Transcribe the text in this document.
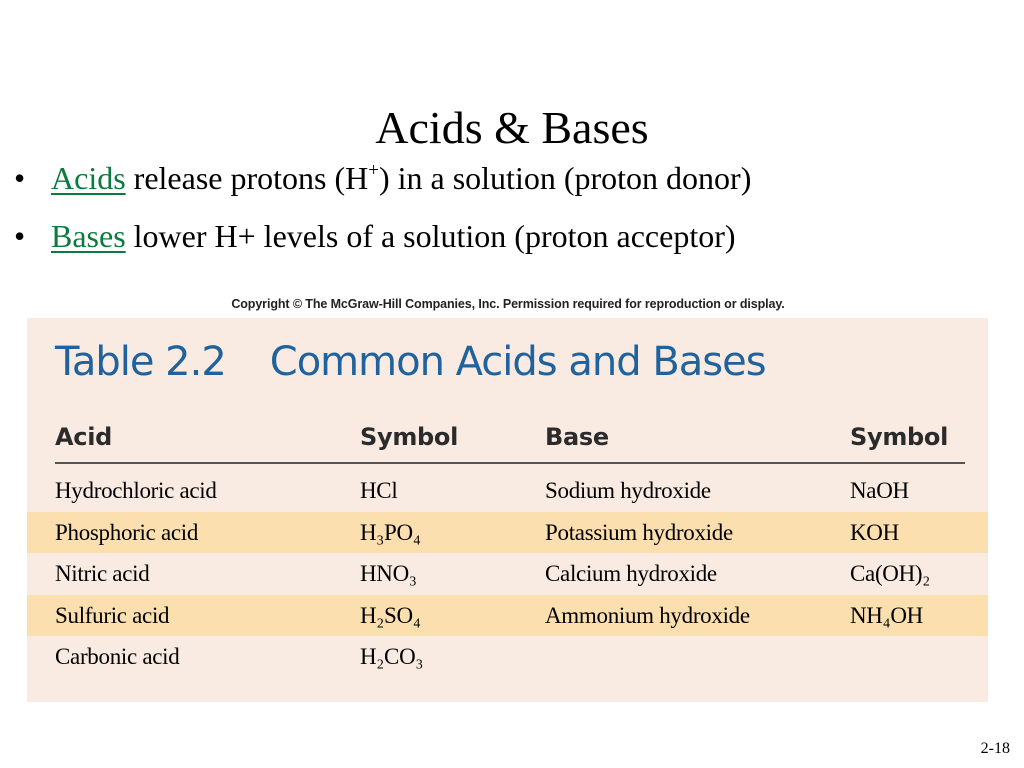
Acids & Bases
• Acids release protons (H+) in a solution (proton donor)
• Bases lower H+ levels of a solution (proton acceptor)
Copyright © The McGraw-Hill Companies, Inc. Permission required for reproduction or display.
Table 2.2 Common Acids and Bases
Acid	Symbol	Base	Symbol
Hydrochloric acid	HCl	Sodium hydroxide	NaOH
Phosphoric acid	H₃PO₄	Potassium hydroxide	KOH
Nitric acid	HNO₃	Calcium hydroxide	Ca(OH)₂
Sulfuric acid	H₂SO₄	Ammonium hydroxide	NH₄OH
Carbonic acid	H₂CO₃
2-18
